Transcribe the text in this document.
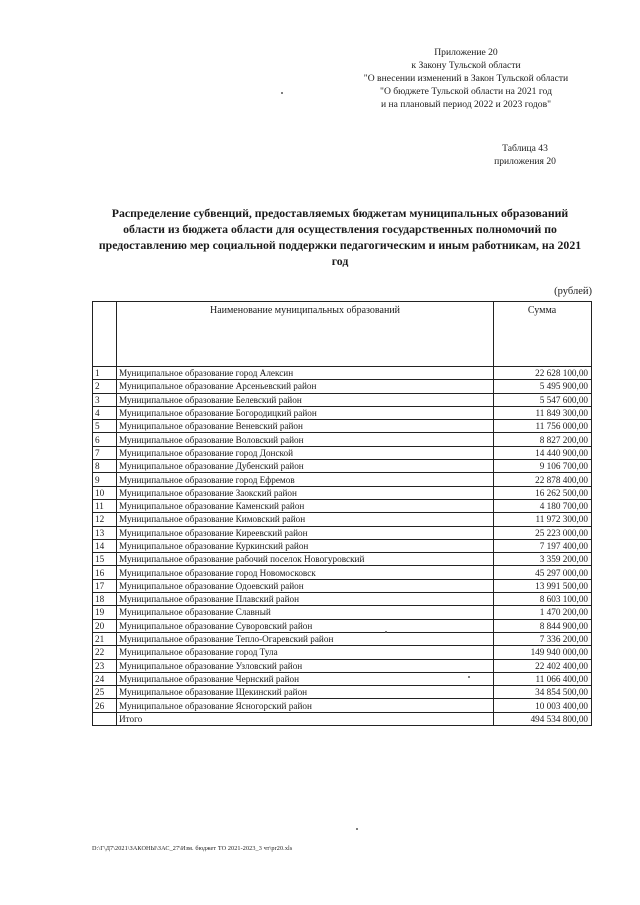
Приложение 20
к Закону Тульской области
"О внесении изменений в Закон Тульской области
"О бюджете Тульской области на 2021 год
и на плановый период 2022 и 2023 годов"
Таблица 43
приложения 20
Распределение субвенций, предоставляемых бюджетам муниципальных образований области из бюджета области для осуществления государственных полномочий по предоставлению мер социальной поддержки педагогическим и иным работникам, на 2021 год
(рублей)
	Наименование муниципальных образований	Сумма
1	Муниципальное образование город Алексин	22 628 100,00
2	Муниципальное образование Арсеньевский район	5 495 900,00
3	Муниципальное образование Белевский район	5 547 600,00
4	Муниципальное образование Богородицкий район	11 849 300,00
5	Муниципальное образование Веневский район	11 756 000,00
6	Муниципальное образование Воловский район	8 827 200,00
7	Муниципальное образование город Донской	14 440 900,00
8	Муниципальное образование Дубенский район	9 106 700,00
9	Муниципальное образование город Ефремов	22 878 400,00
10	Муниципальное образование Заокский район	16 262 500,00
11	Муниципальное образование Каменский район	4 180 700,00
12	Муниципальное образование Кимовский район	11 972 300,00
13	Муниципальное образование Киреевский район	25 223 000,00
14	Муниципальное образование Куркинский район	7 197 400,00
15	Муниципальное образование рабочий поселок Новогуровский	3 359 200,00
16	Муниципальное образование город Новомосковск	45 297 000,00
17	Муниципальное образование Одоевский район	13 991 500,00
18	Муниципальное образование Плавский район	8 603 100,00
19	Муниципальное образование Славный	1 470 200,00
20	Муниципальное образование Суворовский район	8 844 900,00
21	Муниципальное образование Тепло-Огаревский район	7 336 200,00
22	Муниципальное образование город Тула	149 940 000,00
23	Муниципальное образование Узловский район	22 402 400,00
24	Муниципальное образование Чернский район	11 066 400,00
25	Муниципальное образование Щекинский район	34 854 500,00
26	Муниципальное образование Ясногорский район	10 003 400,00
	Итого	494 534 800,00
D:\Г\Д7\2021\ЗАКОНЫ\ЗАС_27\Изм. бюджет ТО 2021-2023_3 чт\pr20.xls
